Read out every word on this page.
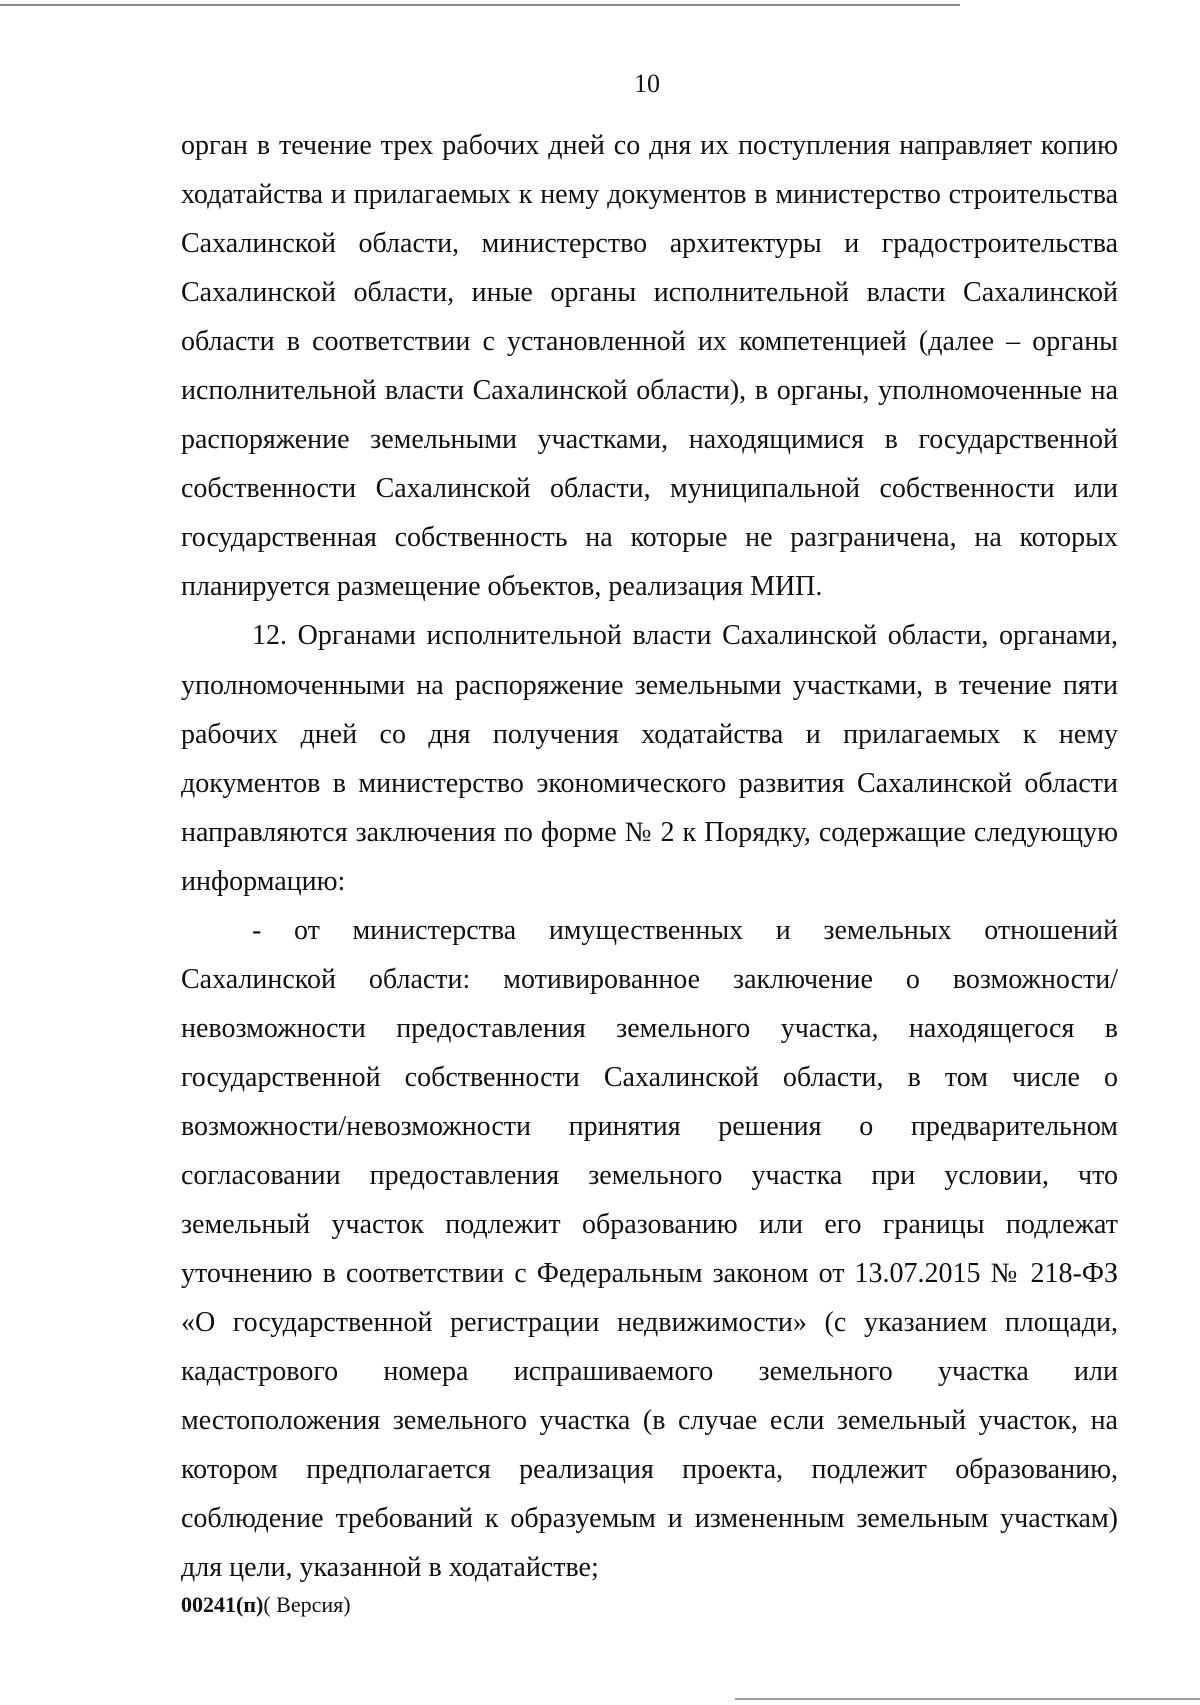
10

орган в течение трех рабочих дней со дня их поступления направляет копию ходатайства и прилагаемых к нему документов в министерство строительства Сахалинской области, министерство архитектуры и градостроительства Сахалинской области, иные органы исполнительной власти Сахалинской области в соответствии с установленной их компетенцией (далее – органы исполнительной власти Сахалинской области), в органы, уполномоченные на распоряжение земельными участками, находящимися в государственной собственности Сахалинской области, муниципальной собственности или государственная собственность на которые не разграничена, на которых планируется размещение объектов, реализация МИП.

12. Органами исполнительной власти Сахалинской области, органами, уполномоченными на распоряжение земельными участками, в течение пяти рабочих дней со дня получения ходатайства и прилагаемых к нему документов в министерство экономического развития Сахалинской области направляются заключения по форме № 2 к Порядку, содержащие следующую информацию:

- от министерства имущественных и земельных отношений Сахалинской области: мотивированное заключение о возможности/невозможности предоставления земельного участка, находящегося в государственной собственности Сахалинской области, в том числе о возможности/невозможности принятия решения о предварительном согласовании предоставления земельного участка при условии, что земельный участок подлежит образованию или его границы подлежат уточнению в соответствии с Федеральным законом от 13.07.2015 № 218-ФЗ «О государственной регистрации недвижимости» (с указанием площади, кадастрового номера испрашиваемого земельного участка или местоположения земельного участка (в случае если земельный участок, на котором предполагается реализация проекта, подлежит образованию, соблюдение требований к образуемым и измененным земельным участкам) для цели, указанной в ходатайстве;

00241(п)( Версия)
